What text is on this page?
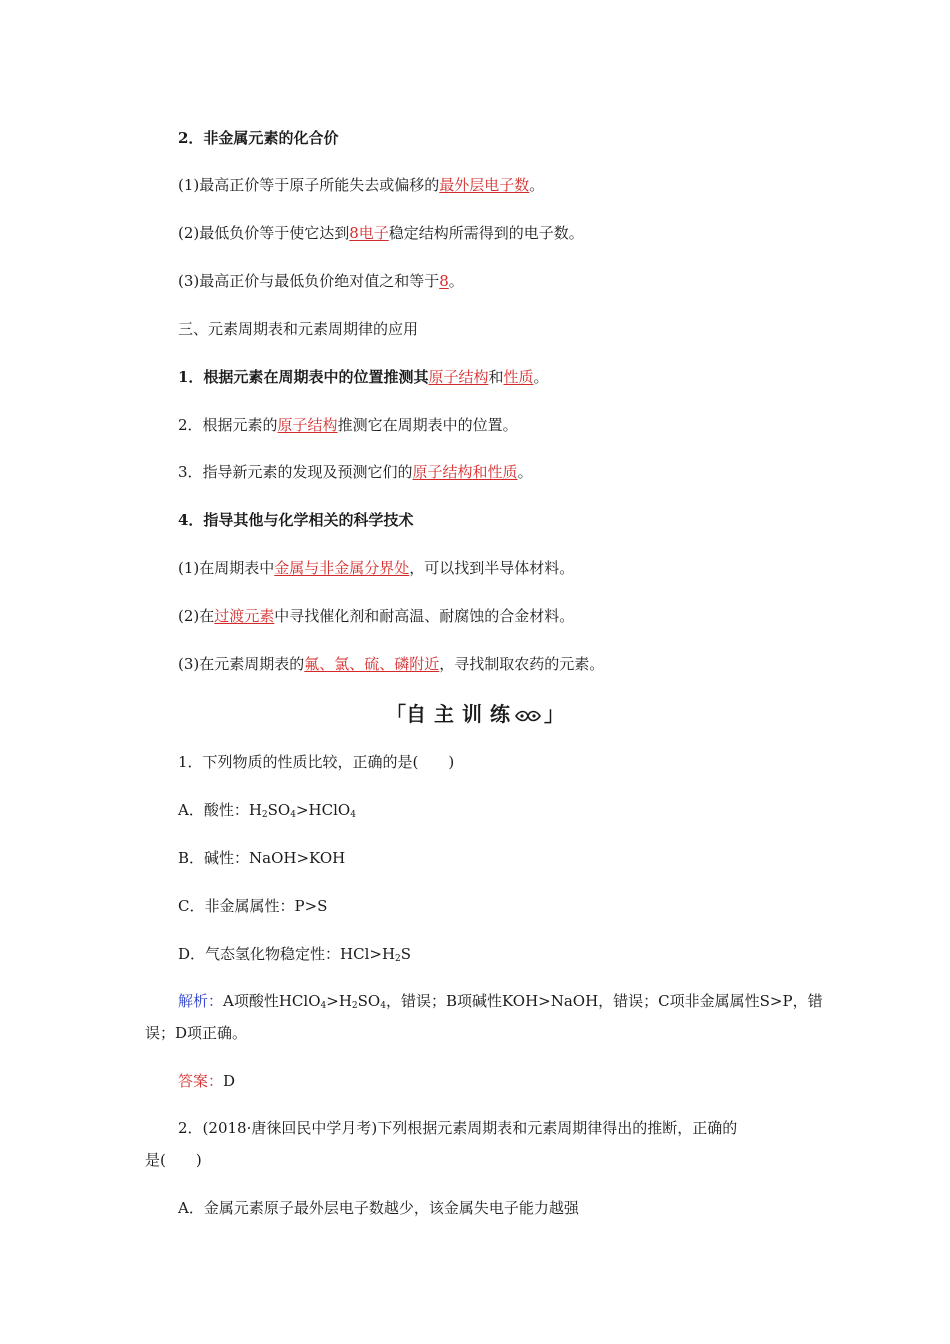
2．非金属元素的化合价
(1)最高正价等于原子所能失去或偏移的最外层电子数。
(2)最低负价等于使它达到8电子稳定结构所需得到的电子数。
(3)最高正价与最低负价绝对值之和等于8。
三、元素周期表和元素周期律的应用
1．根据元素在周期表中的位置推测其原子结构和性质。
2．根据元素的原子结构推测它在周期表中的位置。
3．指导新元素的发现及预测它们的原子结构和性质。
4．指导其他与化学相关的科学技术
(1)在周期表中金属与非金属分界处，可以找到半导体材料。
(2)在过渡元素中寻找催化剂和耐高温、耐腐蚀的合金材料。
(3)在元素周期表的氟、氯、硫、磷附近，寻找制取农药的元素。
「自主训练 」
1．下列物质的性质比较，正确的是(　　)
A．酸性：$H_2SO_4>HClO_4$
B．碱性：NaOH>KOH
C．非金属属性：P>S
D．气态氢化物稳定性：$HCl>H_2S$
解析：A项酸性$HClO_4>H_2SO_4$，错误；B项碱性KOH>NaOH，错误；C项非金属属性S>P，错
误；D项正确。
答案：D
2．(2018·唐徕回民中学月考)下列根据元素周期表和元素周期律得出的推断，正确的
是(　　)
A．金属元素原子最外层电子数越少，该金属失电子能力越强
